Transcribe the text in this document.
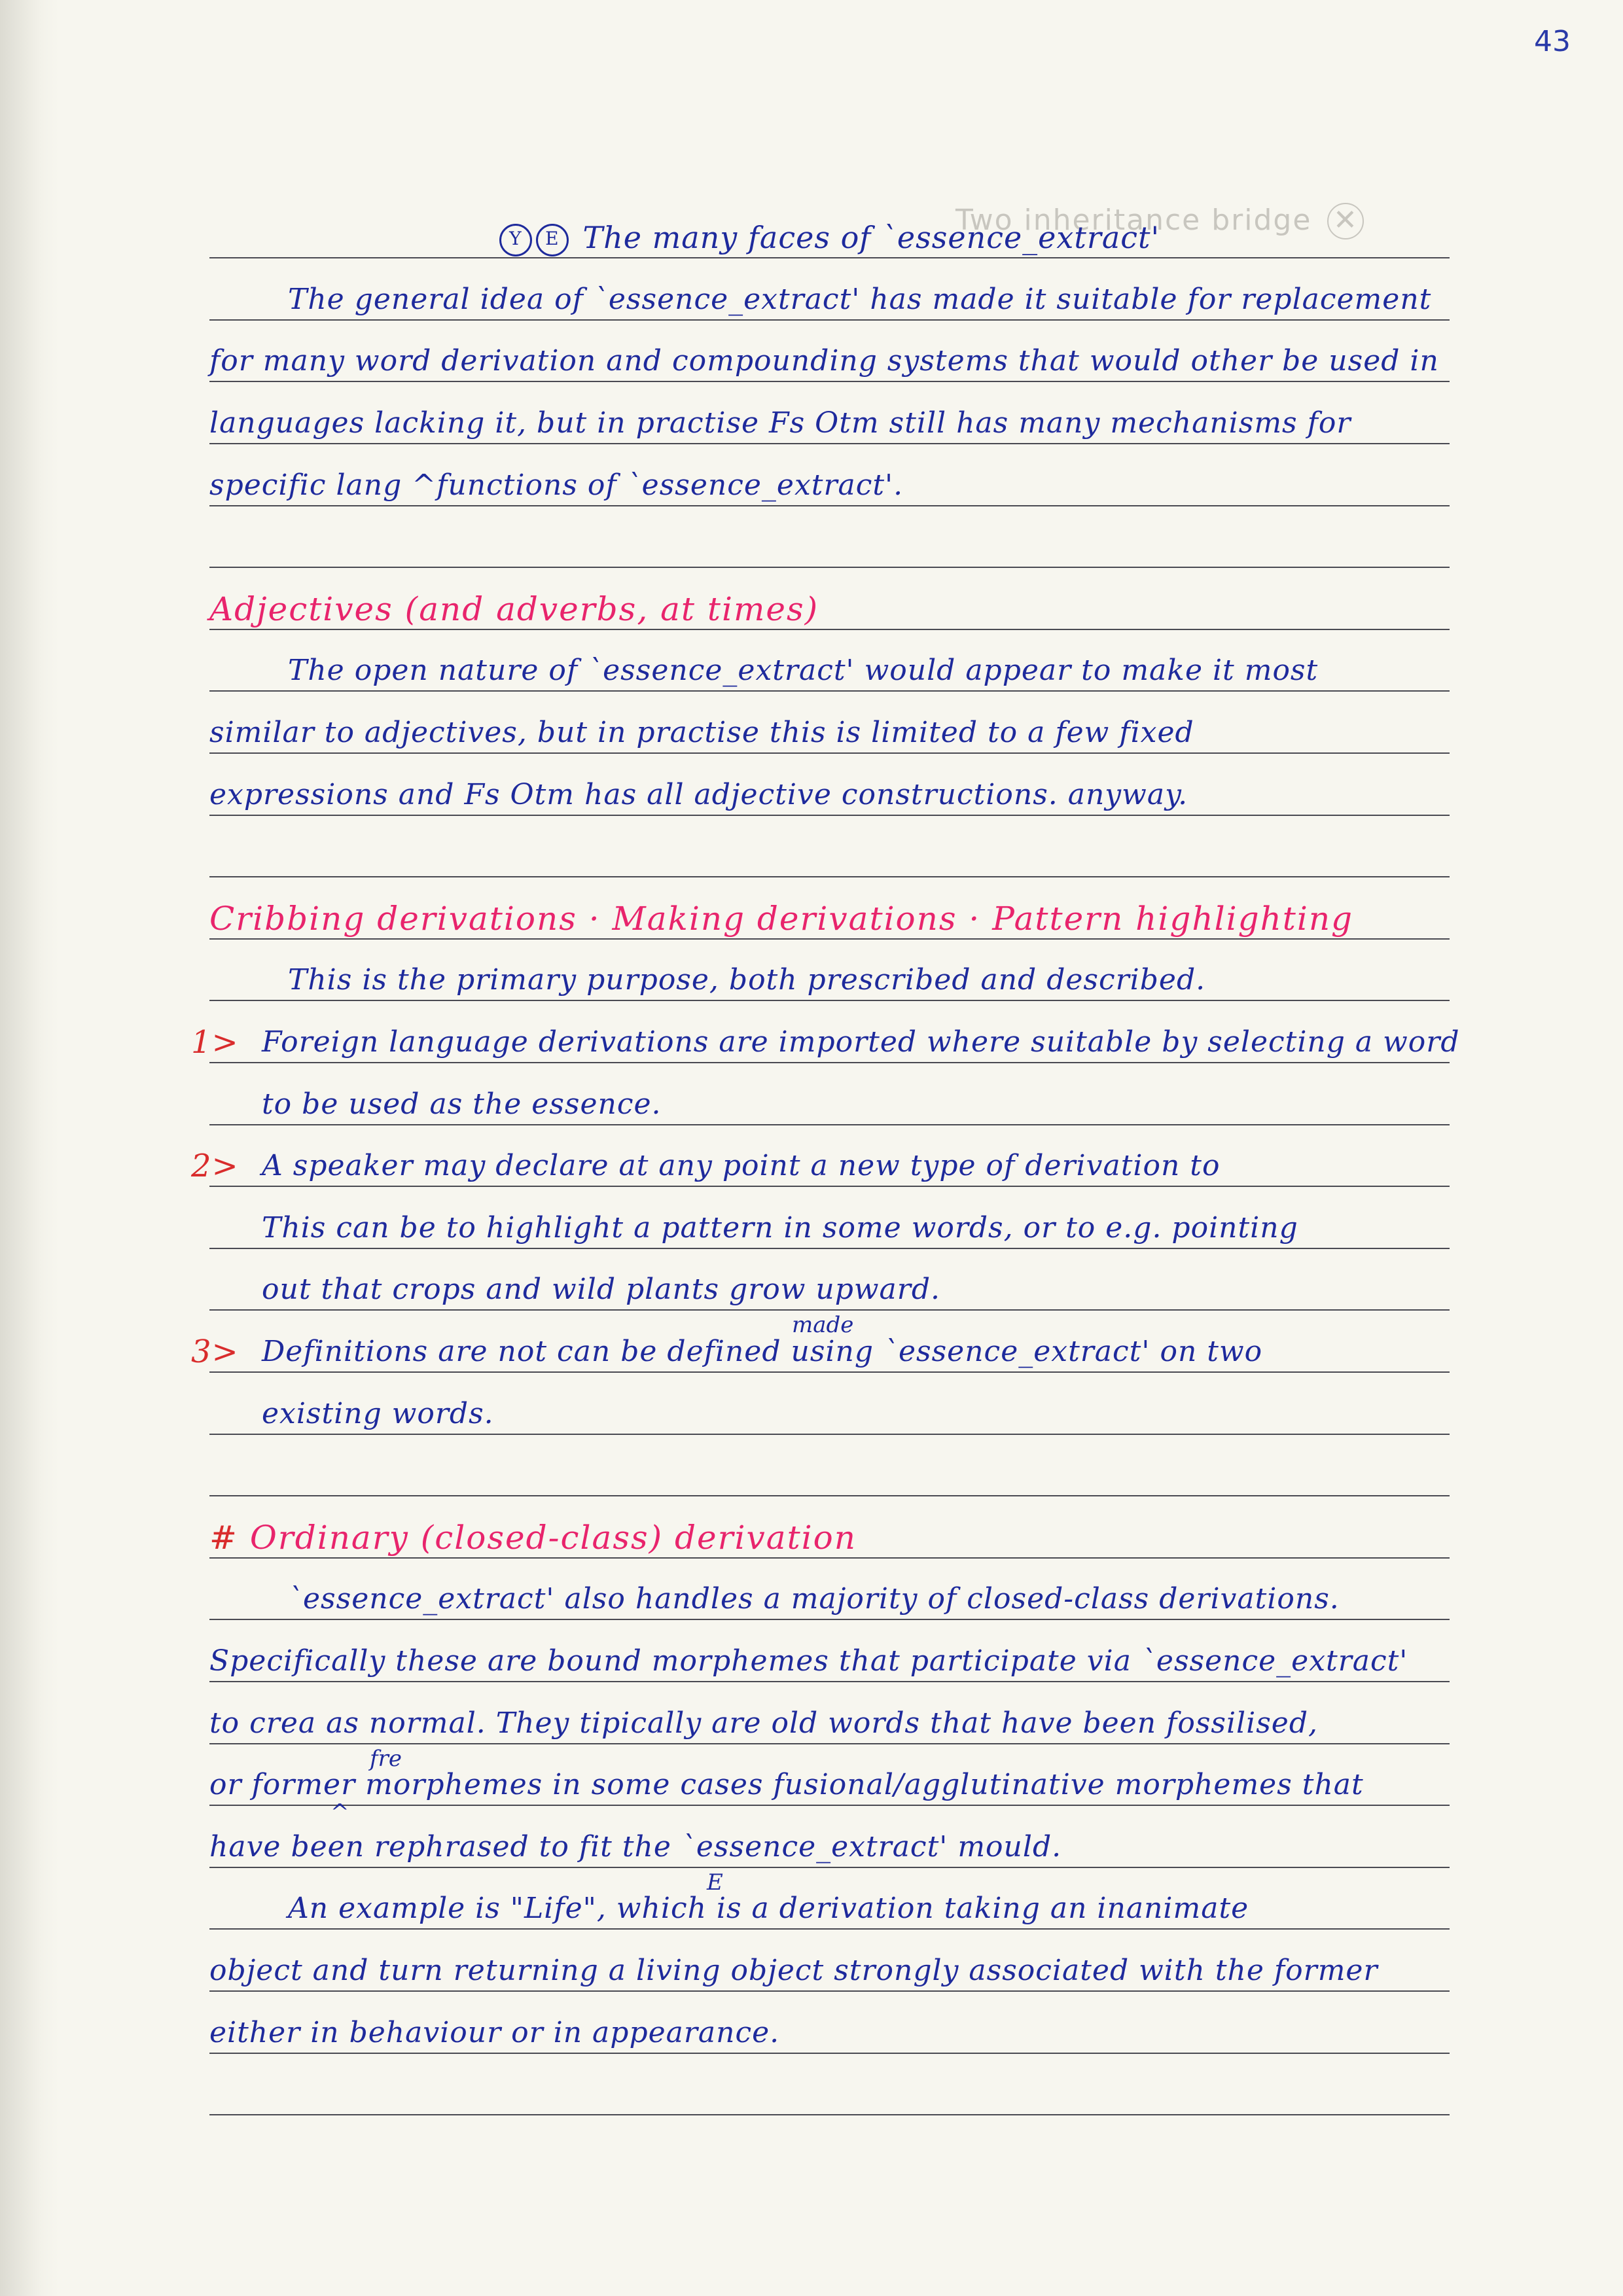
43
Two inheritance bridge ✕
Y E The many faces of `essence_extract'
The general idea of `essence_extract' has made it suitable for replacement
for many word derivation and compounding systems that would other be used in
languages lacking it, but in practise Fs Otm still has many mechanisms for
specific lang ^functions of `essence_extract'.
Adjectives (and adverbs, at times)
The open nature of `essence_extract' would appear to make it most
similar to adjectives, but in practise this is limited to a few fixed
expressions and Fs Otm has all adjective constructions. anyway.
Cribbing derivations · Making derivations · Pattern highlighting
This is the primary purpose, both prescribed and described.
1> Foreign language derivations are imported where suitable by selecting a word
to be used as the essence.
2> A speaker may declare at any point a new type of derivation to
This can be to highlight a pattern in some words, or to e.g. pointing
out that crops and wild plants grow upward.
made
3> Definitions are not can be defined using `essence_extract' on two
existing words.
# Ordinary (closed-class) derivation
`essence_extract' also handles a majority of closed-class derivations.
Specifically these are bound morphemes that participate via `essence_extract'
to crea as normal. They tipically are old words that have been fossilised,
fre
or former morphemes in some cases fusional/agglutinative morphemes that
^
have been rephrased to fit the `essence_extract' mould.
E
An example is "Life", which is a derivation taking an inanimate
object and turn returning a living object strongly associated with the former
either in behaviour or in appearance.
